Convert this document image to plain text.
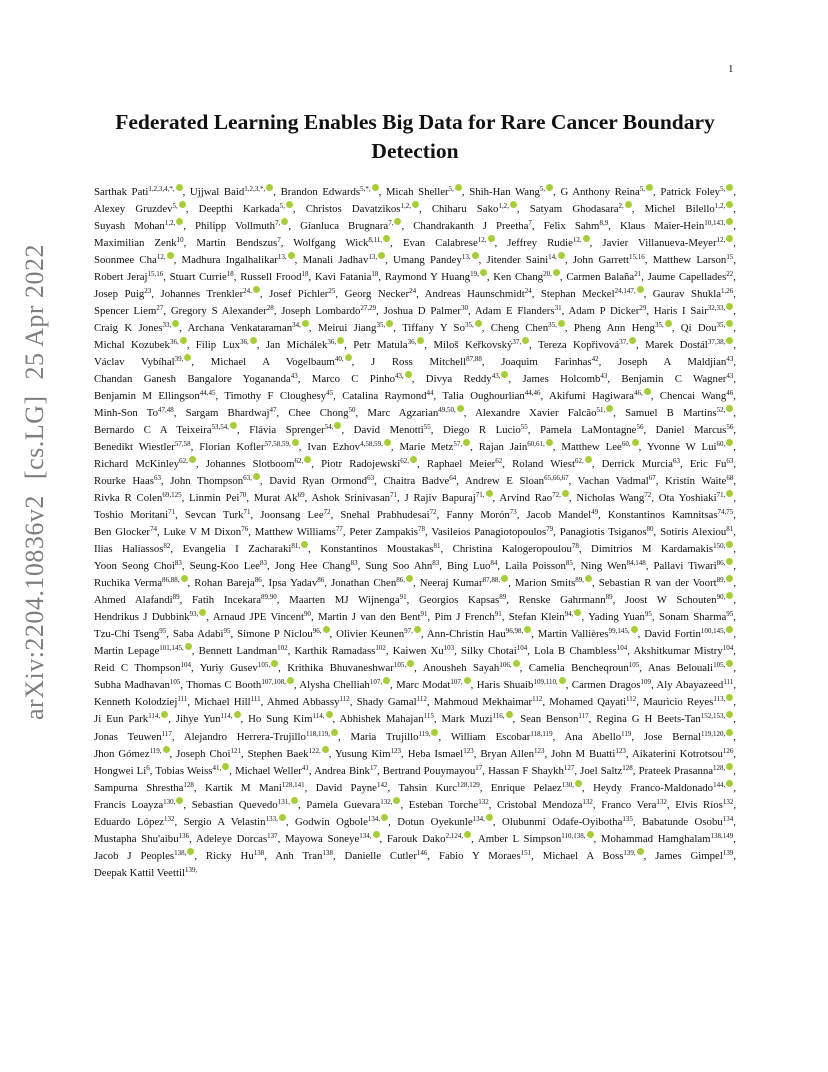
1
arXiv:2204.10836v2[cs.LG]25 Apr 2022
Federated Learning Enables Big Data for Rare Cancer Boundary Detection
Sarthak Pati$^{1,2,3,4,*,}$ , Ujjwal Baid$^{1,2,3,*,}$ , Brandon Edwards$^{5,*,}$ , Micah Sheller$^{5,}$ , Shih-Han Wang$^{5,}$ , G Anthony Reina$^{5,}$ , Patrick Foley$^{5,}$ , Alexey Gruzdev$^{5,}$ , Deepthi Karkada$^{5,}$ , Christos Davatzikos$^{1,2,}$ , Chiharu Sako$^{1,2,}$ , Satyam Ghodasara$^{2,}$ , Michel Bilello$^{1,2,}$ , Suyash Mohan$^{1,2,}$ , Philipp Vollmuth$^{7,}$ , Gianluca Brugnara$^{7,}$ , Chandrakanth J Preetha$^7$, Felix Sahm$^{8,9}$, Klaus Maier-Hein$^{10,143,}$ , Maximilian Zenk$^{10}$, Martin Bendszus$^7$, Wolfgang Wick$^{8,11,}$ , Evan Calabrese$^{12,}$ , Jeffrey Rudie$^{12,}$ , Javier Villanueva-Meyer$^{12,}$ , Soonmee Cha$^{12,}$ , Madhura Ingalhalikar$^{13,}$ , Manali Jadhav$^{13,}$ , Umang Pandey$^{13,}$ , Jitender Saini$^{14,}$ , John Garrett$^{15,16}$, Matthew Larson$^{15}$, Robert Jeraj$^{15,16}$, Stuart Currie$^{18}$, Russell Frood$^{18}$, Kavi Fatania$^{18}$, Raymond Y Huang$^{19,}$ , Ken Chang$^{20,}$ , Carmen Balaña$^{21}$, Jaume Capellades$^{22}$, Josep Puig$^{23}$, Johannes Trenkler$^{24,}$ , Josef Pichler$^{25}$, Georg Necker$^{24}$, Andreas Haunschmidt$^{24}$, Stephan Meckel$^{24,147,}$ , Gaurav Shukla$^{1,26}$, Spencer Liem$^{27}$, Gregory S Alexander$^{28}$, Joseph Lombardo$^{27,29}$, Joshua D Palmer$^{30}$, Adam E Flanders$^{31}$, Adam P Dicker$^{29}$, Haris I Sair$^{32,33,}$ , Craig K Jones$^{33,}$ , Archana Venkataraman$^{34,}$ , Meirui Jiang$^{35,}$ , Tiffany Y $So^{35,}$ , Cheng Chen$^{35,}$ , Pheng Ann Heng$^{35,}$ , Qi Dou$^{35,}$ , Michal Kozubek$^{36,}$ , Filip Lux$^{36,}$ , Jan Michálek$^{36,}$ , Petr Matula$^{36,}$ , Miloš Keřkovský$^{37,}$ , Tereza Kopřivová$^{37,}$ , Marek Dostál$^{37,38,}$ , Václav Vybíhal$^{39,}$ , Michael A Vogelbaum$^{40,}$ , J Ross Mitchell$^{87,88}$, Joaquim Farinhas$^{42}$, Joseph A Maldjian$^{43}$, Chandan Ganesh Bangalore Yogananda$^{43}$, Marco C Pinho$^{43,}$ , Divya Reddy$^{43,}$ , James Holcomb$^{43}$, Benjamin C Wagner$^{43}$, Benjamin M Ellingson$^{44,45}$, Timothy F Cloughesy$^{45}$, Catalina Raymond$^{44}$, Talia Oughourlian$^{44,46}$, Akifumi Hagiwara$^{46,}$ , Chencai Wang$^{46}$, Minh-Son To$^{47,48}$, Sargam Bhardwaj$^{47}$, Chee Chong$^{50}$, Marc Agzarian$^{49,50,}$ , Alexandre Xavier Falcão$^{51,}$ , Samuel B Martins$^{52,}$ , Bernardo C A Teixeira$^{53,54,}$ , Flávia Sprenger$^{54,}$ , David Menotti$^{55}$, Diego R Lucio$^{55}$, Pamela LaMontagne$^{56}$, Daniel Marcus$^{56}$, Benedikt Wiestler$^{57,58}$, Florian Kofler$^{57,58,59,}$ , Ivan Ezhov$^{4,58,59,}$ , Marie Metz$^{57,}$ , Rajan Jain$^{60,61,}$ , Matthew Lee$^{60,}$ , Yvonne W Lui$^{60,}$ , Richard McKinley$^{62,}$ , Johannes Slotboom$^{62,}$ , Piotr Radojewski$^{62,}$ , Raphael Meier$^{62}$, Roland Wiest$^{62,}$ , Derrick Murcia$^{63}$, Eric Fu$^{63}$, Rourke Haas$^{63}$, John Thompson$^{63,}$ , David Ryan Ormond$^{63}$, Chaitra Badve$^{64}$, Andrew E Sloan$^{65,66,67}$, Vachan Vadmal$^{67}$, Kristin Waite$^{68}$, Rivka R Colen$^{69,125}$, Linmin Pei$^{70}$, Murat Ak$^{69}$, Ashok Srinivasan$^{71}$, J Rajiv Bapuraj$^{71,}$ , Arvind Rao$^{72,}$ , Nicholas Wang$^{72}$, Ota Yoshiaki$^{71,}$ , Toshio Moritani$^{71}$, Sevcan Turk$^{71}$, Joonsang Lee$^{72}$, Snehal Prabhudesai$^{72}$, Fanny Morón$^{73}$, Jacob Mandel$^{49}$, Konstantinos Kamnitsas$^{74,75}$, Ben Glocker$^{74}$, Luke V M Dixon$^{76}$, Matthew Williams$^{77}$, Peter Zampakis$^{78}$, Vasileios Panagiotopoulos$^{79}$, Panagiotis Tsiganos$^{80}$, Sotiris Alexiou$^{81}$, Ilias Haliassos$^{82}$, Evangelia I Zacharaki$^{81,}$ , Konstantinos Moustakas$^{81}$, Christina Kalogeropoulou$^{78}$, Dimitrios M Kardamakis$^{150,}$ , Yoon Seong Choi$^{83}$, Seung-Koo Lee$^{83}$, Jong Hee Chang$^{83}$, Sung Soo Ahn$^{83}$, Bing Luo$^{84}$, Laila Poisson$^{85}$, Ning Wen$^{84,148}$, Pallavi Tiwari$^{86,}$ , Ruchika Verma$^{86,88,}$ , Rohan Bareja$^{86}$, Ipsa Yadav$^{86}$, Jonathan Chen$^{86,}$ , Neeraj Kumar$^{87,88,}$ , Marion Smits$^{89,}$ , Sebastian R van der Voort$^{89,}$ , Ahmed Alafandi$^{89}$, Fatih Incekara$^{89,90}$, Maarten MJ Wijnenga$^{91}$, Georgios Kapsas$^{89}$, Renske Gahrmann$^{89}$, Joost W Schouten$^{90,}$ , Hendrikus J Dubbink$^{93,}$ , Arnaud JPE Vincent$^{90}$, Martin J van den Bent$^{91}$, Pim J French$^{91}$, Stefan Klein$^{94,}$ , Yading Yuan$^{95}$, Sonam Sharma$^{95}$, Tzu-Chi Tseng$^{95}$, Saba Adabi$^{95}$, Simone P Niclou$^{96,}$ , Olivier Keunen$^{97,}$ , Ann-Christin Hau$^{96,98,}$ , Martin Vallières$^{99,145,}$ , David Fortin$^{100,145,}$ , Martin Lepage$^{101,145,}$ , Bennett Landman$^{102}$, Karthik Ramadass$^{102}$, Kaiwen Xu$^{103}$, Silky Chotai$^{104}$, Lola B Chambless$^{104}$, Akshitkumar Mistry$^{104}$, Reid C Thompson$^{104}$, Yuriy Gusev$^{105,}$ , Krithika Bhuvaneshwar$^{105,}$ , Anousheh Sayah$^{106,}$ , Camelia Bencheqroun$^{105}$, Anas Belouali$^{105,}$ , Subha Madhavan$^{105}$, Thomas C Booth$^{107,108,}$ , Alysha Chelliah$^{107,}$ , Marc Modat$^{107,}$ , Haris Shuaib$^{109,110,}$ , Carmen Dragos$^{109}$, Aly Abayazeed$^{111}$, Kenneth Kolodziej$^{111}$, Michael Hill$^{111}$, Ahmed Abbassy$^{112}$, Shady Gamal$^{112}$, Mahmoud Mekhaimar$^{112}$, Mohamed Qayati$^{112}$, Mauricio Reyes$^{113,}$ , Ji Eun Park$^{114,}$ , Jihye Yun$^{114,}$ , Ho Sung Kim$^{114,}$ , Abhishek Mahajan$^{115}$, Mark Muzi$^{116,}$ , Sean Benson$^{117}$, Regina G H Beets-Tan$^{152,153,}$ , Jonas Teuwen$^{117}$, Alejandro Herrera-Trujillo$^{118,119,}$ , Maria Trujillo$^{119,}$ , William Escobar$^{118,119}$, Ana Abello$^{119}$, Jose Bernal$^{119,120,}$ , Jhon Gómez$^{119,}$ , Joseph Choi$^{121}$, Stephen Baek$^{122,}$ , Yusung Kim$^{123}$, Heba Ismael$^{123}$, Bryan Allen$^{123}$, John M Buatti$^{123}$, Aikaterini Kotrotsou$^{126}$, Hongwei Li$^6$, Tobias Weiss$^{41,}$ , Michael Weller$^{41}$, Andrea Bink$^{17}$, Bertrand Pouymayou$^{17}$, Hassan F Shaykh$^{127}$, Joel Saltz$^{128}$, Prateek Prasanna$^{128,}$ , Sampurna Shrestha$^{128}$, Kartik M Mani$^{128,141}$, David Payne$^{142}$, Tahsin Kurc$^{128,129}$, Enrique Pelaez$^{130,}$ , Heydy Franco-Maldonado$^{144,}$ , Francis Loayza$^{130,}$ , Sebastian Quevedo$^{131,}$ , Pamela Guevara$^{132,}$ , Esteban Torche$^{132}$, Cristobal Mendoza$^{132}$, Franco Vera$^{132}$, Elvis Ríos$^{132}$, Eduardo López$^{132}$, Sergio A Velastin$^{133,}$ , Godwin Ogbole$^{134,}$ , Dotun Oyekunle$^{134,}$ , Olubunmi Odafe-Oyibotha$^{135}$, Babatunde Osobu$^{134}$, Mustapha Shu'aibu$^{136}$, Adeleye Dorcas$^{137}$, Mayowa Soneye$^{134,}$ , Farouk Dako$^{2,124,}$ , Amber L Simpson$^{110,138,}$ , Mohammad Hamghalam$^{138,149}$, Jacob J Peoples$^{138,}$ , Ricky Hu$^{138}$, Anh Tran$^{138}$, Danielle Cutler$^{146}$, Fabio Y Moraes$^{151}$, Michael A Boss$^{139,}$ , James Gimpel$^{139}$, Deepak Kattil Veettil$^{139,}$
